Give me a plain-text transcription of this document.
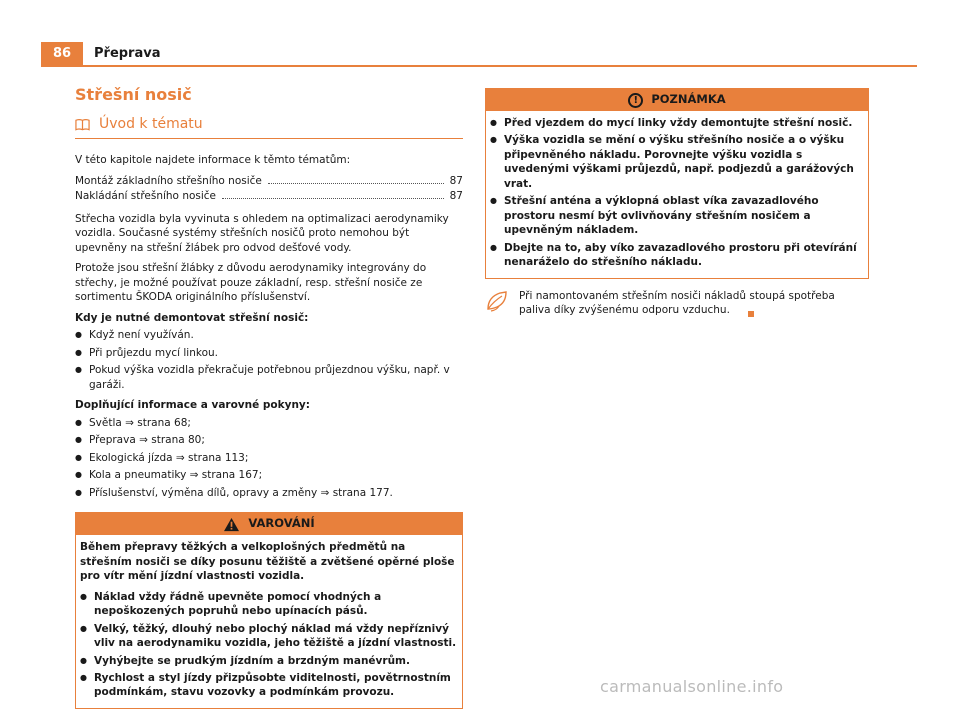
86	Přeprava
Střešní nosič
Úvod k tématu

V této kapitole najdete informace k těmto tématům:

Montáž základního střešního nosiče	87
Nakládání střešního nosiče	87

Střecha vozidla byla vyvinuta s ohledem na optimalizaci aerodynamiky vozidla. Současné systémy střešních nosičů proto nemohou být upevněny na střešní žlábek pro odvod dešťové vody.

Protože jsou střešní žlábky z důvodu aerodynamiky integrovány do střechy, je možné používat pouze základní, resp. střešní nosiče ze sortimentu ŠKODA originálního příslušenství.

Kdy je nutné demontovat střešní nosič:
● Když není využíván.
● Při průjezdu mycí linkou.
● Pokud výška vozidla překračuje potřebnou průjezdnou výšku, např. v garáži.
Doplňující informace a varovné pokyny:
● Světla ⇒ strana 68;
● Přeprava ⇒ strana 80;
● Ekologická jízda ⇒ strana 113;
● Kola a pneumatiky ⇒ strana 167;
● Příslušenství, výměna dílů, opravy a změny ⇒ strana 177.
VAROVÁNÍ

Během přepravy těžkých a velkoplošných předmětů na střešním nosiči se díky posunu těžiště a zvětšené opěrné ploše pro vítr mění jízdní vlastnosti vozidla.

● Náklad vždy řádně upevněte pomocí vhodných a nepoškozených popruhů nebo upínacích pásů.
● Velký, těžký, dlouhý nebo plochý náklad má vždy nepříznivý vliv na aerodynamiku vozidla, jeho těžiště a jízdní vlastnosti.
● Vyhýbejte se prudkým jízdním a brzdným manévrům.
● Rychlost a styl jízdy přizpůsobte viditelnosti, povětrnostním podmínkám, stavu vozovky a podmínkám provozu.
!	POZNÁMKA
● Před vjezdem do mycí linky vždy demontujte střešní nosič.
● Výška vozidla se mění o výšku střešního nosiče a o výšku připevněného nákladu. Porovnejte výšku vozidla s uvedenými výškami průjezdů, např. podjezdů a garážových vrat.
● Střešní anténa a výklopná oblast víka zavazadlového prostoru nesmí být ovlivňovány střešním nosičem a upevněným nákladem.
● Dbejte na to, aby víko zavazadlového prostoru při otevírání nenaráželo do střešního nákladu.
Při namontovaném střešním nosiči nákladů stoupá spotřeba paliva díky zvýšenému odporu vzduchu.
carmanualsonline.info
